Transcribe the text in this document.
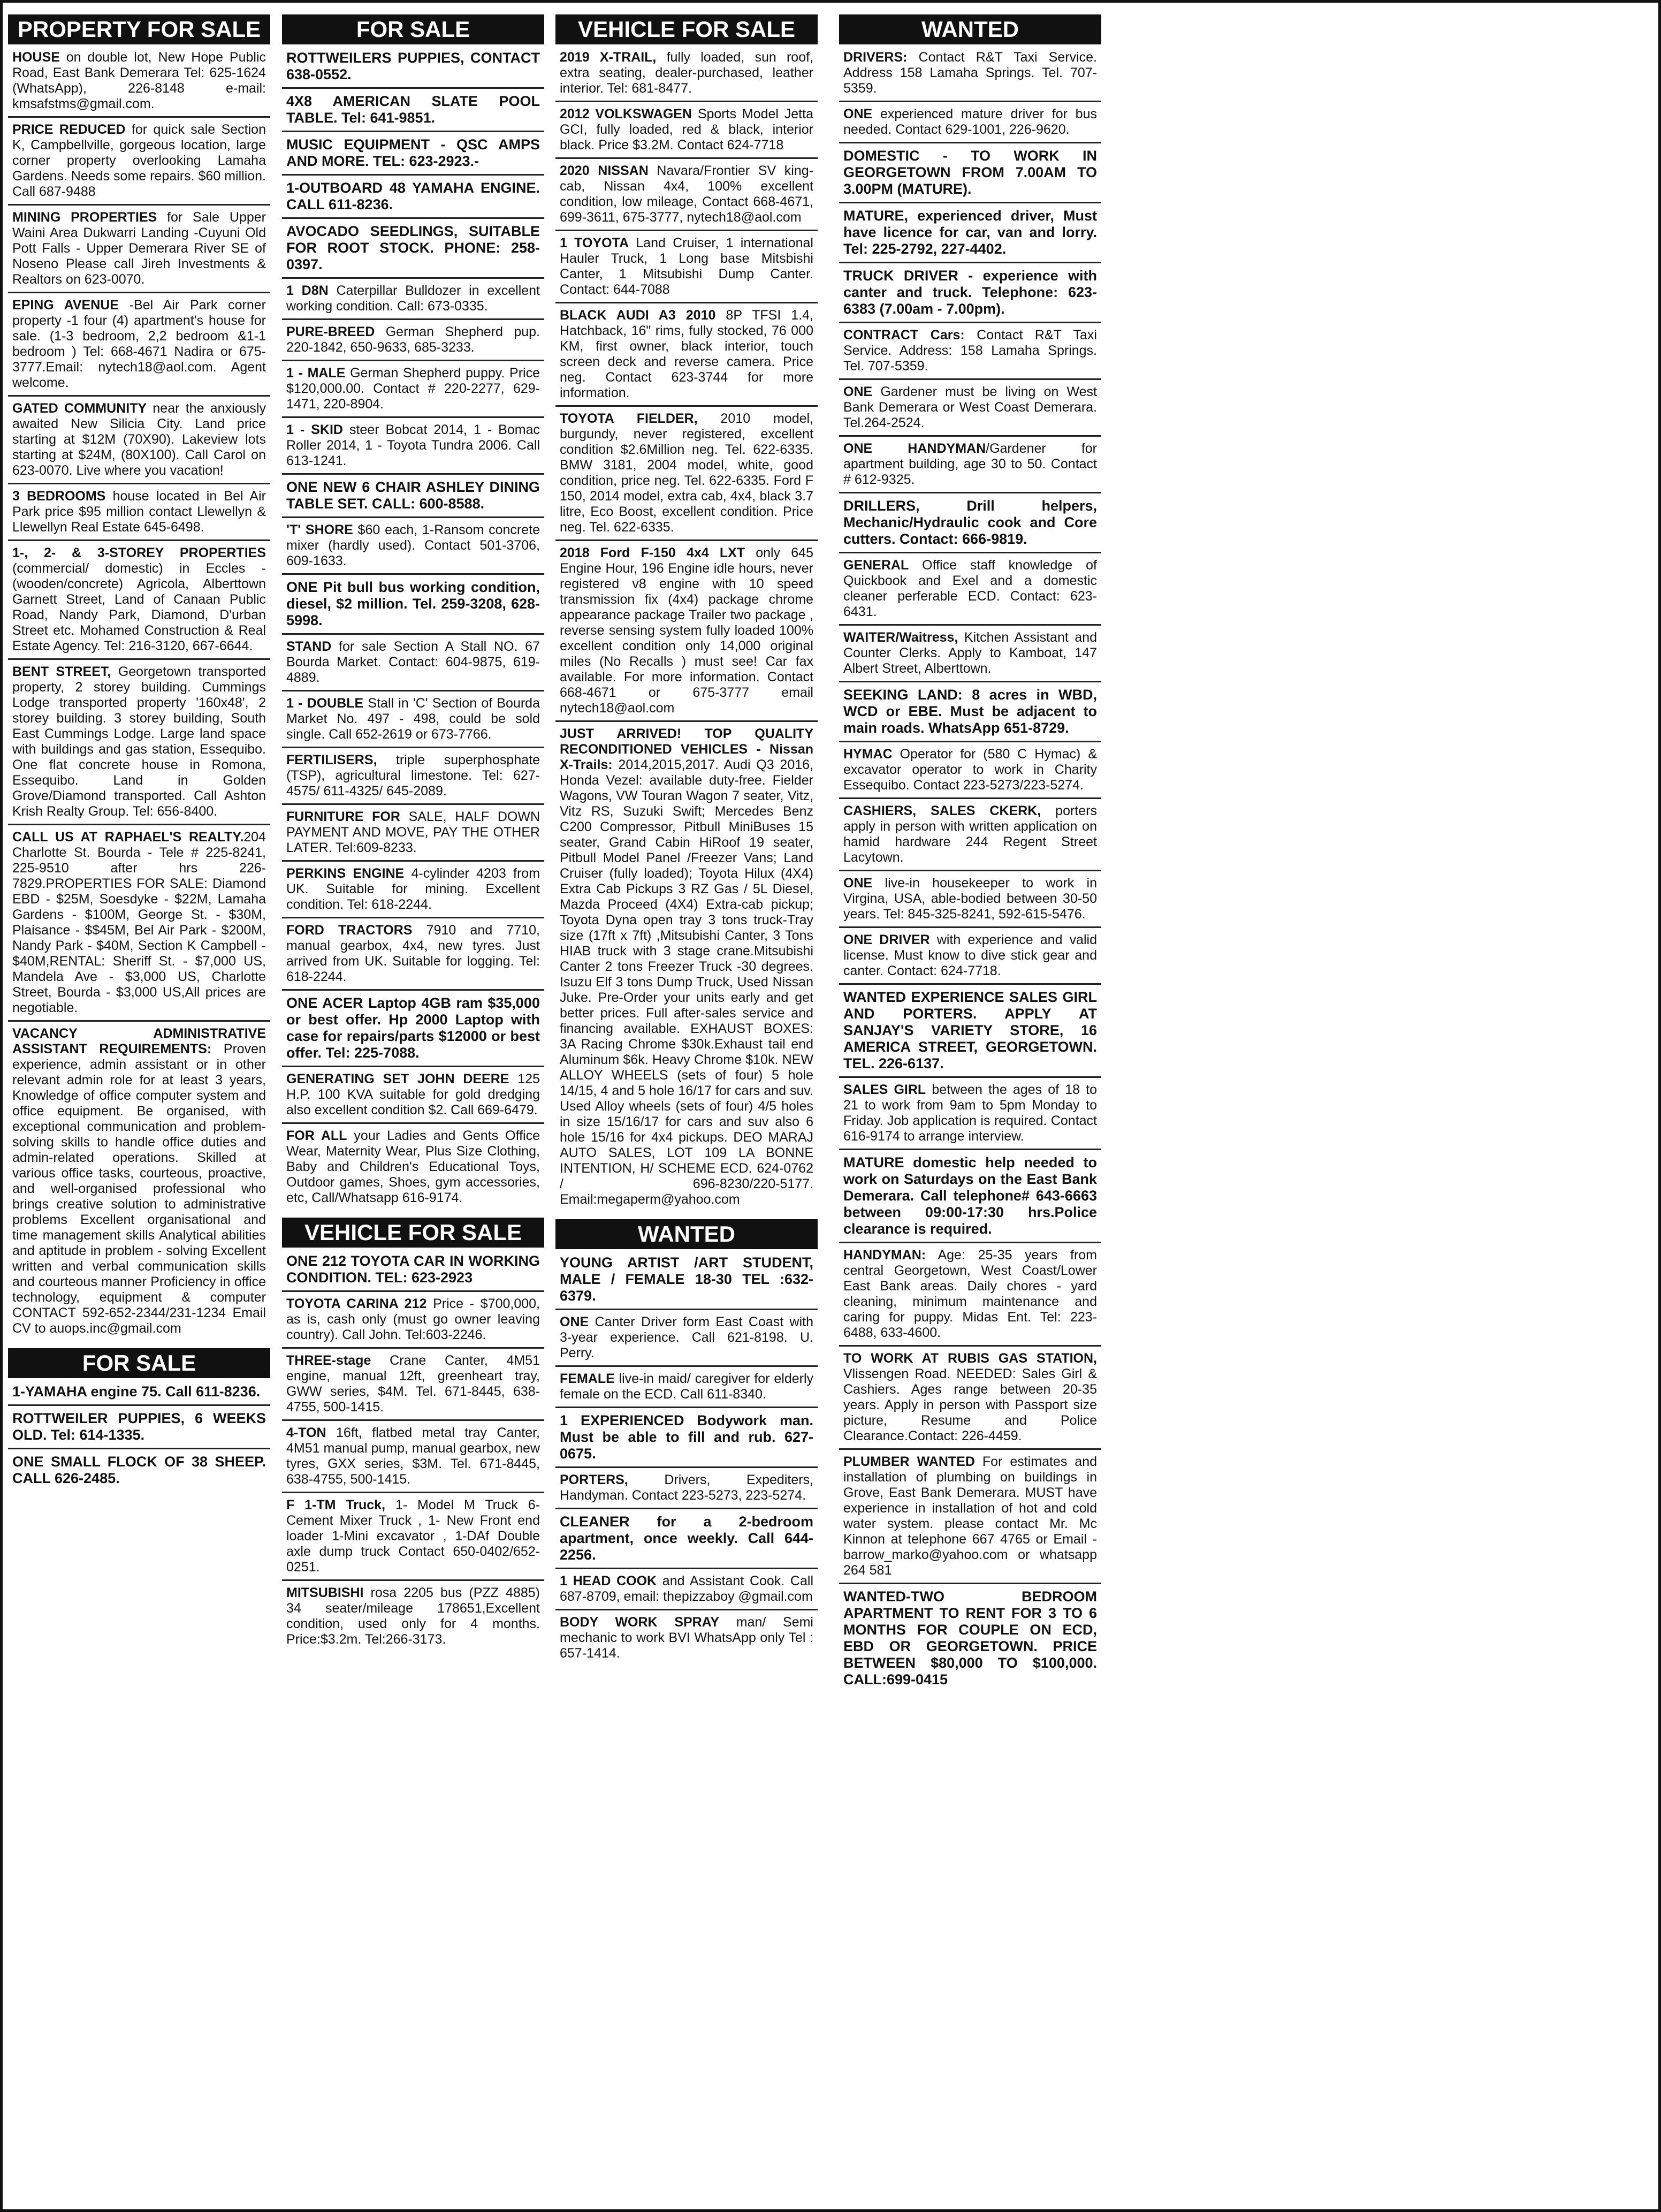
PROPERTY FOR SALE
HOUSE on double lot, New Hope Public Road, East Bank Demerara Tel: 625-1624 (WhatsApp), 226-8148 e-mail: kmsafstms@gmail.com.
PRICE REDUCED for quick sale Section K, Campbellville, gorgeous location, large corner property overlooking Lamaha Gardens. Needs some repairs. $60 million. Call 687-9488
MINING PROPERTIES for Sale Upper Waini Area Dukwarri Landing -Cuyuni Old Pott Falls - Upper Demerara River SE of Noseno Please call Jireh Investments & Realtors on 623-0070.
EPING AVENUE -Bel Air Park corner property -1 four (4) apartment's house for sale. (1-3 bedroom, 2,2 bedroom &1-1 bedroom ) Tel: 668-4671 Nadira or 675-3777.Email: nytech18@aol.com. Agent welcome.
GATED COMMUNITY near the anxiously awaited New Silicia City. Land price starting at $12M (70X90). Lakeview lots starting at $24M, (80X100). Call Carol on 623-0070. Live where you vacation!
3 BEDROOMS house located in Bel Air Park price $95 million contact Llewellyn & Llewellyn Real Estate 645-6498.
1-, 2- & 3-STOREY PROPERTIES (commercial/ domestic) in Eccles - (wooden/concrete) Agricola, Alberttown Garnett Street, Land of Canaan Public Road, Nandy Park, Diamond, D'urban Street etc. Mohamed Construction & Real Estate Agency. Tel: 216-3120, 667-6644.
BENT STREET, Georgetown transported property, 2 storey building. Cummings Lodge transported property '160x48', 2 storey building. 3 storey building, South East Cummings Lodge. Large land space with buildings and gas station, Essequibo. One flat concrete house in Romona, Essequibo. Land in Golden Grove/Diamond transported. Call Ashton Krish Realty Group. Tel: 656-8400.
CALL US AT RAPHAEL'S REALTY.204 Charlotte St. Bourda - Tele # 225-8241, 225-9510 after hrs 226-7829.PROPERTIES FOR SALE: Diamond EBD - $25M, Soesdyke - $22M, Lamaha Gardens - $100M, George St. - $30M, Plaisance - $$45M, Bel Air Park - $200M, Nandy Park - $40M, Section K Campbell - $40M,RENTAL: Sheriff St. - $7,000 US, Mandela Ave - $3,000 US, Charlotte Street, Bourda - $3,000 US,All prices are negotiable.
VACANCY ADMINISTRATIVE ASSISTANT REQUIREMENTS: Proven experience, admin assistant or in other relevant admin role for at least 3 years, Knowledge of office computer system and office equipment. Be organised, with exceptional communication and problem-solving skills to handle office duties and admin-related operations. Skilled at various office tasks, courteous, proactive, and well-organised professional who brings creative solution to administrative problems Excellent organisational and time management skills Analytical abilities and aptitude in problem - solving Excellent written and verbal communication skills and courteous manner Proficiency in office technology, equipment & computer CONTACT 592-652-2344/231-1234 Email CV to auops.inc@gmail.com
FOR SALE
1-YAMAHA engine 75. Call 611-8236.
ROTTWEILER PUPPIES, 6 WEEKS OLD. Tel: 614-1335.
ONE SMALL FLOCK OF 38 SHEEP. CALL 626-2485.
FOR SALE
ROTTWEILERS PUPPIES, CONTACT 638-0552.
4X8 AMERICAN SLATE POOL TABLE. Tel: 641-9851.
MUSIC EQUIPMENT - QSC AMPS AND MORE. TEL: 623-2923.-
1-OUTBOARD 48 YAMAHA ENGINE. CALL 611-8236.
AVOCADO SEEDLINGS, SUITABLE FOR ROOT STOCK. PHONE: 258-0397.
1 D8N Caterpillar Bulldozer in excellent working condition. Call: 673-0335.
PURE-BREED German Shepherd pup. 220-1842, 650-9633, 685-3233.
1 - MALE German Shepherd puppy. Price $120,000.00. Contact # 220-2277, 629-1471, 220-8904.
1 - SKID steer Bobcat 2014, 1 - Bomac Roller 2014, 1 - Toyota Tundra 2006. Call 613-1241.
ONE NEW 6 CHAIR ASHLEY DINING TABLE SET. CALL: 600-8588.
'T' SHORE $60 each, 1-Ransom concrete mixer (hardly used). Contact 501-3706, 609-1633.
ONE Pit bull bus working condition, diesel, $2 million. Tel. 259-3208, 628-5998.
STAND for sale Section A Stall NO. 67 Bourda Market. Contact: 604-9875, 619-4889.
1 - DOUBLE Stall in 'C' Section of Bourda Market No. 497 - 498, could be sold single. Call 652-2619 or 673-7766.
FERTILISERS, triple superphosphate (TSP), agricultural limestone. Tel: 627-4575/ 611-4325/ 645-2089.
FURNITURE FOR SALE, HALF DOWN PAYMENT AND MOVE, PAY THE OTHER LATER. Tel:609-8233.
PERKINS ENGINE 4-cylinder 4203 from UK. Suitable for mining. Excellent condition. Tel: 618-2244.
FORD TRACTORS 7910 and 7710, manual gearbox, 4x4, new tyres. Just arrived from UK. Suitable for logging. Tel: 618-2244.
ONE ACER Laptop 4GB ram $35,000 or best offer. Hp 2000 Laptop with case for repairs/parts $12000 or best offer. Tel: 225-7088.
GENERATING SET JOHN DEERE 125 H.P. 100 KVA suitable for gold dredging also excellent condition $2. Call 669-6479.
FOR ALL your Ladies and Gents Office Wear, Maternity Wear, Plus Size Clothing, Baby and Children's Educational Toys, Outdoor games, Shoes, gym accessories, etc, Call/Whatsapp 616-9174.
VEHICLE FOR SALE
ONE 212 TOYOTA CAR IN WORKING CONDITION. TEL: 623-2923
TOYOTA CARINA 212 Price - $700,000, as is, cash only (must go owner leaving country). Call John. Tel:603-2246.
THREE-stage Crane Canter, 4M51 engine, manual 12ft, greenheart tray, GWW series, $4M. Tel. 671-8445, 638-4755, 500-1415.
4-TON 16ft, flatbed metal tray Canter, 4M51 manual pump, manual gearbox, new tyres, GXX series, $3M. Tel. 671-8445, 638-4755, 500-1415.
F 1-TM Truck, 1- Model M Truck 6-Cement Mixer Truck , 1- New Front end loader 1-Mini excavator , 1-DAf Double axle dump truck Contact 650-0402/652-0251.
MITSUBISHI rosa 2205 bus (PZZ 4885) 34 seater/mileage 178651,Excellent condition, used only for 4 months. Price:$3.2m. Tel:266-3173.
VEHICLE FOR SALE
2019 X-TRAIL, fully loaded, sun roof, extra seating, dealer-purchased, leather interior. Tel: 681-8477.
2012 VOLKSWAGEN Sports Model Jetta GCI, fully loaded, red & black, interior black. Price $3.2M. Contact 624-7718
2020 NISSAN Navara/Frontier SV king-cab, Nissan 4x4, 100% excellent condition, low mileage, Contact 668-4671, 699-3611, 675-3777, nytech18@aol.com
1 TOYOTA Land Cruiser, 1 international Hauler Truck, 1 Long base Mitsbishi Canter, 1 Mitsubishi Dump Canter. Contact: 644-7088
BLACK AUDI A3 2010 8P TFSI 1.4, Hatchback, 16" rims, fully stocked, 76 000 KM, first owner, black interior, touch screen deck and reverse camera. Price neg. Contact 623-3744 for more information.
TOYOTA FIELDER, 2010 model, burgundy, never registered, excellent condition $2.6Million neg. Tel. 622-6335. BMW 3181, 2004 model, white, good condition, price neg. Tel. 622-6335. Ford F 150, 2014 model, extra cab, 4x4, black 3.7 litre, Eco Boost, excellent condition. Price neg. Tel. 622-6335.
2018 Ford F-150 4x4 LXT only 645 Engine Hour, 196 Engine idle hours, never registered v8 engine with 10 speed transmission fix (4x4) package chrome appearance package Trailer two package , reverse sensing system fully loaded 100% excellent condition only 14,000 original miles (No Recalls ) must see! Car fax available. For more information. Contact 668-4671 or 675-3777 email nytech18@aol.com
JUST ARRIVED! TOP QUALITY RECONDITIONED VEHICLES - Nissan X-Trails: 2014,2015,2017. Audi Q3 2016, Honda Vezel: available duty-free. Fielder Wagons, VW Touran Wagon 7 seater, Vitz, Vitz RS, Suzuki Swift; Mercedes Benz C200 Compressor, Pitbull MiniBuses 15 seater, Grand Cabin HiRoof 19 seater, Pitbull Model Panel /Freezer Vans; Land Cruiser (fully loaded); Toyota Hilux (4X4) Extra Cab Pickups 3 RZ Gas / 5L Diesel, Mazda Proceed (4X4) Extra-cab pickup; Toyota Dyna open tray 3 tons truck-Tray size (17ft x 7ft) ,Mitsubishi Canter, 3 Tons HIAB truck with 3 stage crane.Mitsubishi Canter 2 tons Freezer Truck -30 degrees. Isuzu Elf 3 tons Dump Truck, Used Nissan Juke. Pre-Order your units early and get better prices. Full after-sales service and financing available. EXHAUST BOXES: 3A Racing Chrome $30k.Exhaust tail end Aluminum $6k. Heavy Chrome $10k. NEW ALLOY WHEELS (sets of four) 5 hole 14/15, 4 and 5 hole 16/17 for cars and suv. Used Alloy wheels (sets of four) 4/5 holes in size 15/16/17 for cars and suv also 6 hole 15/16 for 4x4 pickups. DEO MARAJ AUTO SALES, LOT 109 LA BONNE INTENTION, H/ SCHEME ECD. 624-0762 / 696-8230/220-5177. Email:megaperm@yahoo.com
WANTED
YOUNG ARTIST /ART STUDENT, MALE / FEMALE 18-30 TEL :632-6379.
ONE Canter Driver form East Coast with 3-year experience. Call 621-8198. U. Perry.
FEMALE live-in maid/ caregiver for elderly female on the ECD. Call 611-8340.
1 EXPERIENCED Bodywork man. Must be able to fill and rub. 627-0675.
PORTERS, Drivers, Expediters, Handyman. Contact 223-5273, 223-5274.
CLEANER for a 2-bedroom apartment, once weekly. Call 644-2256.
1 HEAD COOK and Assistant Cook. Call 687-8709, email: thepizzaboy @gmail.com
BODY WORK SPRAY man/ Semi mechanic to work BVI WhatsApp only Tel : 657-1414.
WANTED
DRIVERS: Contact R&T Taxi Service. Address 158 Lamaha Springs. Tel. 707-5359.
ONE experienced mature driver for bus needed. Contact 629-1001, 226-9620.
DOMESTIC - TO WORK IN GEORGETOWN FROM 7.00AM TO 3.00PM (MATURE).
MATURE, experienced driver, Must have licence for car, van and lorry. Tel: 225-2792, 227-4402.
TRUCK DRIVER - experience with canter and truck. Telephone: 623-6383 (7.00am - 7.00pm).
CONTRACT Cars: Contact R&T Taxi Service. Address: 158 Lamaha Springs. Tel. 707-5359.
ONE Gardener must be living on West Bank Demerara or West Coast Demerara. Tel.264-2524.
ONE HANDYMAN/Gardener for apartment building, age 30 to 50. Contact # 612-9325.
DRILLERS, Drill helpers, Mechanic/Hydraulic cook and Core cutters. Contact: 666-9819.
GENERAL Office staff knowledge of Quickbook and Exel and a domestic cleaner perferable ECD. Contact: 623-6431.
WAITER/Waitress, Kitchen Assistant and Counter Clerks. Apply to Kamboat, 147 Albert Street, Alberttown.
SEEKING LAND: 8 acres in WBD, WCD or EBE. Must be adjacent to main roads. WhatsApp 651-8729.
HYMAC Operator for (580 C Hymac) & excavator operator to work in Charity Essequibo. Contact 223-5273/223-5274.
CASHIERS, SALES CKERK, porters apply in person with written application on hamid hardware 244 Regent Street Lacytown.
ONE live-in housekeeper to work in Virgina, USA, able-bodied between 30-50 years. Tel: 845-325-8241, 592-615-5476.
ONE DRIVER with experience and valid license. Must know to dive stick gear and canter. Contact: 624-7718.
WANTED EXPERIENCE SALES GIRL AND PORTERS. APPLY AT SANJAY'S VARIETY STORE, 16 AMERICA STREET, GEORGETOWN. TEL. 226-6137.
SALES GIRL between the ages of 18 to 21 to work from 9am to 5pm Monday to Friday. Job application is required. Contact 616-9174 to arrange interview.
MATURE domestic help needed to work on Saturdays on the East Bank Demerara. Call telephone# 643-6663 between 09:00-17:30 hrs.Police clearance is required.
HANDYMAN: Age: 25-35 years from central Georgetown, West Coast/Lower East Bank areas. Daily chores - yard cleaning, minimum maintenance and caring for puppy. Midas Ent. Tel: 223-6488, 633-4600.
TO WORK AT RUBIS GAS STATION, Vlissengen Road. NEEDED: Sales Girl & Cashiers. Ages range between 20-35 years. Apply in person with Passport size picture, Resume and Police Clearance.Contact: 226-4459.
PLUMBER WANTED For estimates and installation of plumbing on buildings in Grove, East Bank Demerara. MUST have experience in installation of hot and cold water system. please contact Mr. Mc Kinnon at telephone 667 4765 or Email - barrow_marko@yahoo.com or whatsapp 264 581
WANTED-TWO BEDROOM APARTMENT TO RENT FOR 3 TO 6 MONTHS FOR COUPLE ON ECD, EBD OR GEORGETOWN. PRICE BETWEEN $80,000 TO $100,000. CALL:699-0415
